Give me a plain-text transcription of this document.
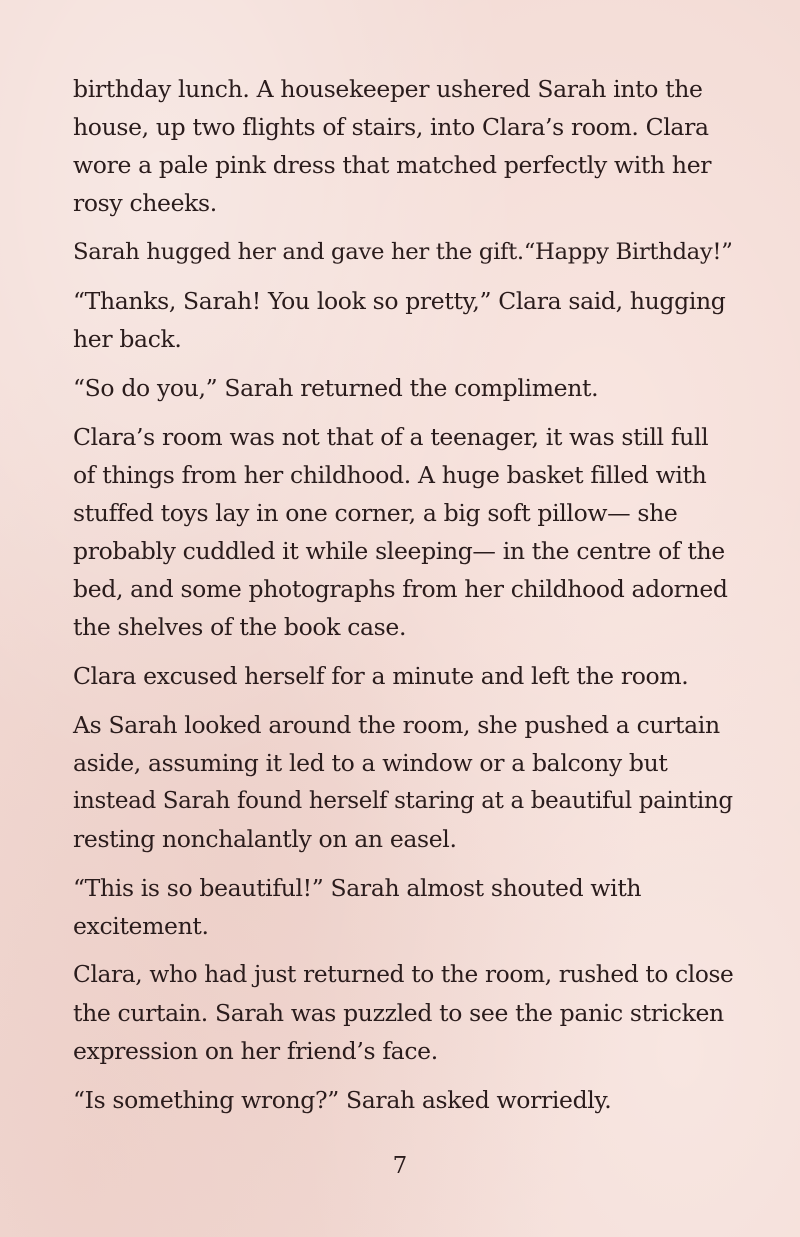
birthday lunch. A housekeeper ushered Sarah into the
house, up two flights of stairs, into Clara’s room. Clara
wore a pale pink dress that matched perfectly with her
rosy cheeks.

Sarah hugged her and gave her the gift.“Happy Birthday!”

“Thanks, Sarah! You look so pretty,” Clara said, hugging
her back.

“So do you,” Sarah returned the compliment.

Clara’s room was not that of a teenager, it was still full
of things from her childhood. A huge basket filled with
stuffed toys lay in one corner, a big soft pillow— she
probably cuddled it while sleeping— in the centre of the
bed, and some photographs from her childhood adorned
the shelves of the book case.

Clara excused herself for a minute and left the room.

As Sarah looked around the room, she pushed a curtain
aside, assuming it led to a window or a balcony but
instead Sarah found herself staring at a beautiful painting
resting nonchalantly on an easel.

“This is so beautiful!” Sarah almost shouted with
excitement.

Clara, who had just returned to the room, rushed to close
the curtain. Sarah was puzzled to see the panic stricken
expression on her friend’s face.

“Is something wrong?” Sarah asked worriedly.

7
